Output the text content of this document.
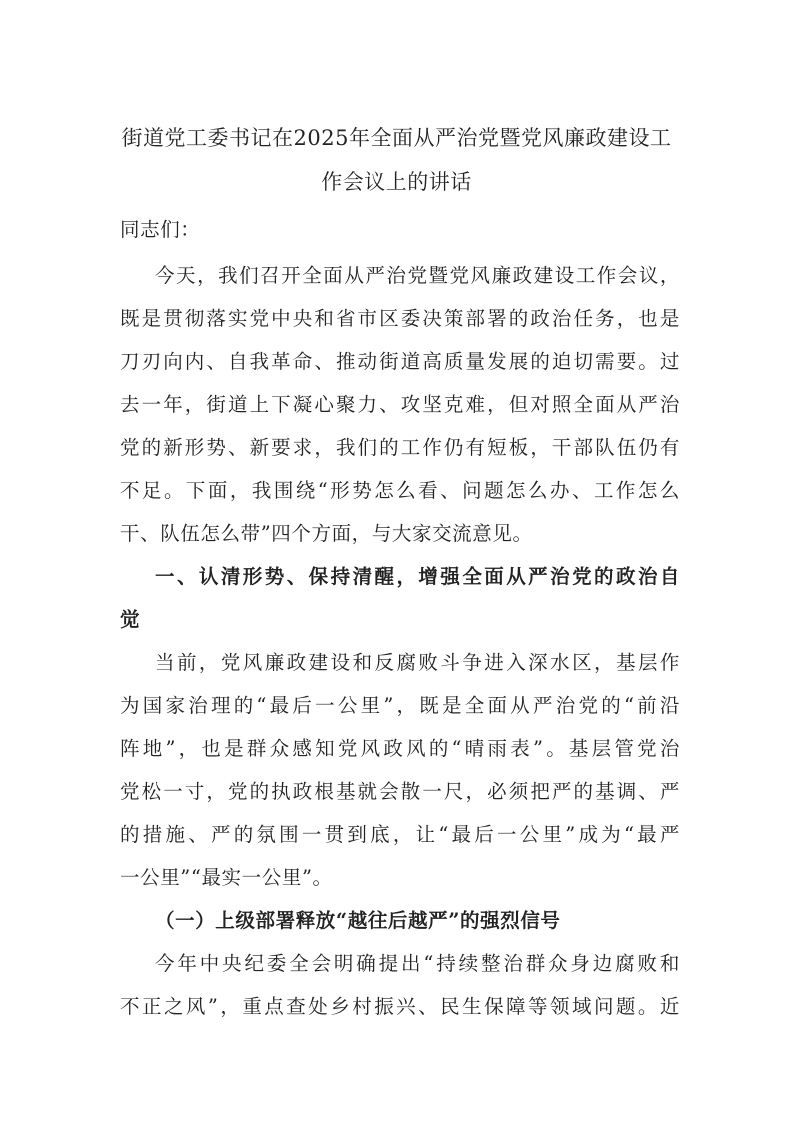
街道党工委书记在2025年全面从严治党暨党风廉政建设工
作会议上的讲话
同志们：
今天，我们召开全面从严治党暨党风廉政建设工作会议，
既是贯彻落实党中央和省市区委决策部署的政治任务，也是
刀刃向内、自我革命、推动街道高质量发展的迫切需要。过
去一年，街道上下凝心聚力、攻坚克难，但对照全面从严治
党的新形势、新要求，我们的工作仍有短板，干部队伍仍有
不足。下面，我围绕“形势怎么看、问题怎么办、工作怎么
干、队伍怎么带”四个方面，与大家交流意见。
一、认清形势、保持清醒，增强全面从严治党的政治自
觉
当前，党风廉政建设和反腐败斗争进入深水区，基层作
为国家治理的“最后一公里”，既是全面从严治党的“前沿
阵地”，也是群众感知党风政风的“晴雨表”。基层管党治
党松一寸，党的执政根基就会散一尺，必须把严的基调、严
的措施、严的氛围一贯到底，让“最后一公里”成为“最严
一公里”“最实一公里”。
（一）上级部署释放“越往后越严”的强烈信号
今年中央纪委全会明确提出“持续整治群众身边腐败和
不正之风”，重点查处乡村振兴、民生保障等领域问题。近
